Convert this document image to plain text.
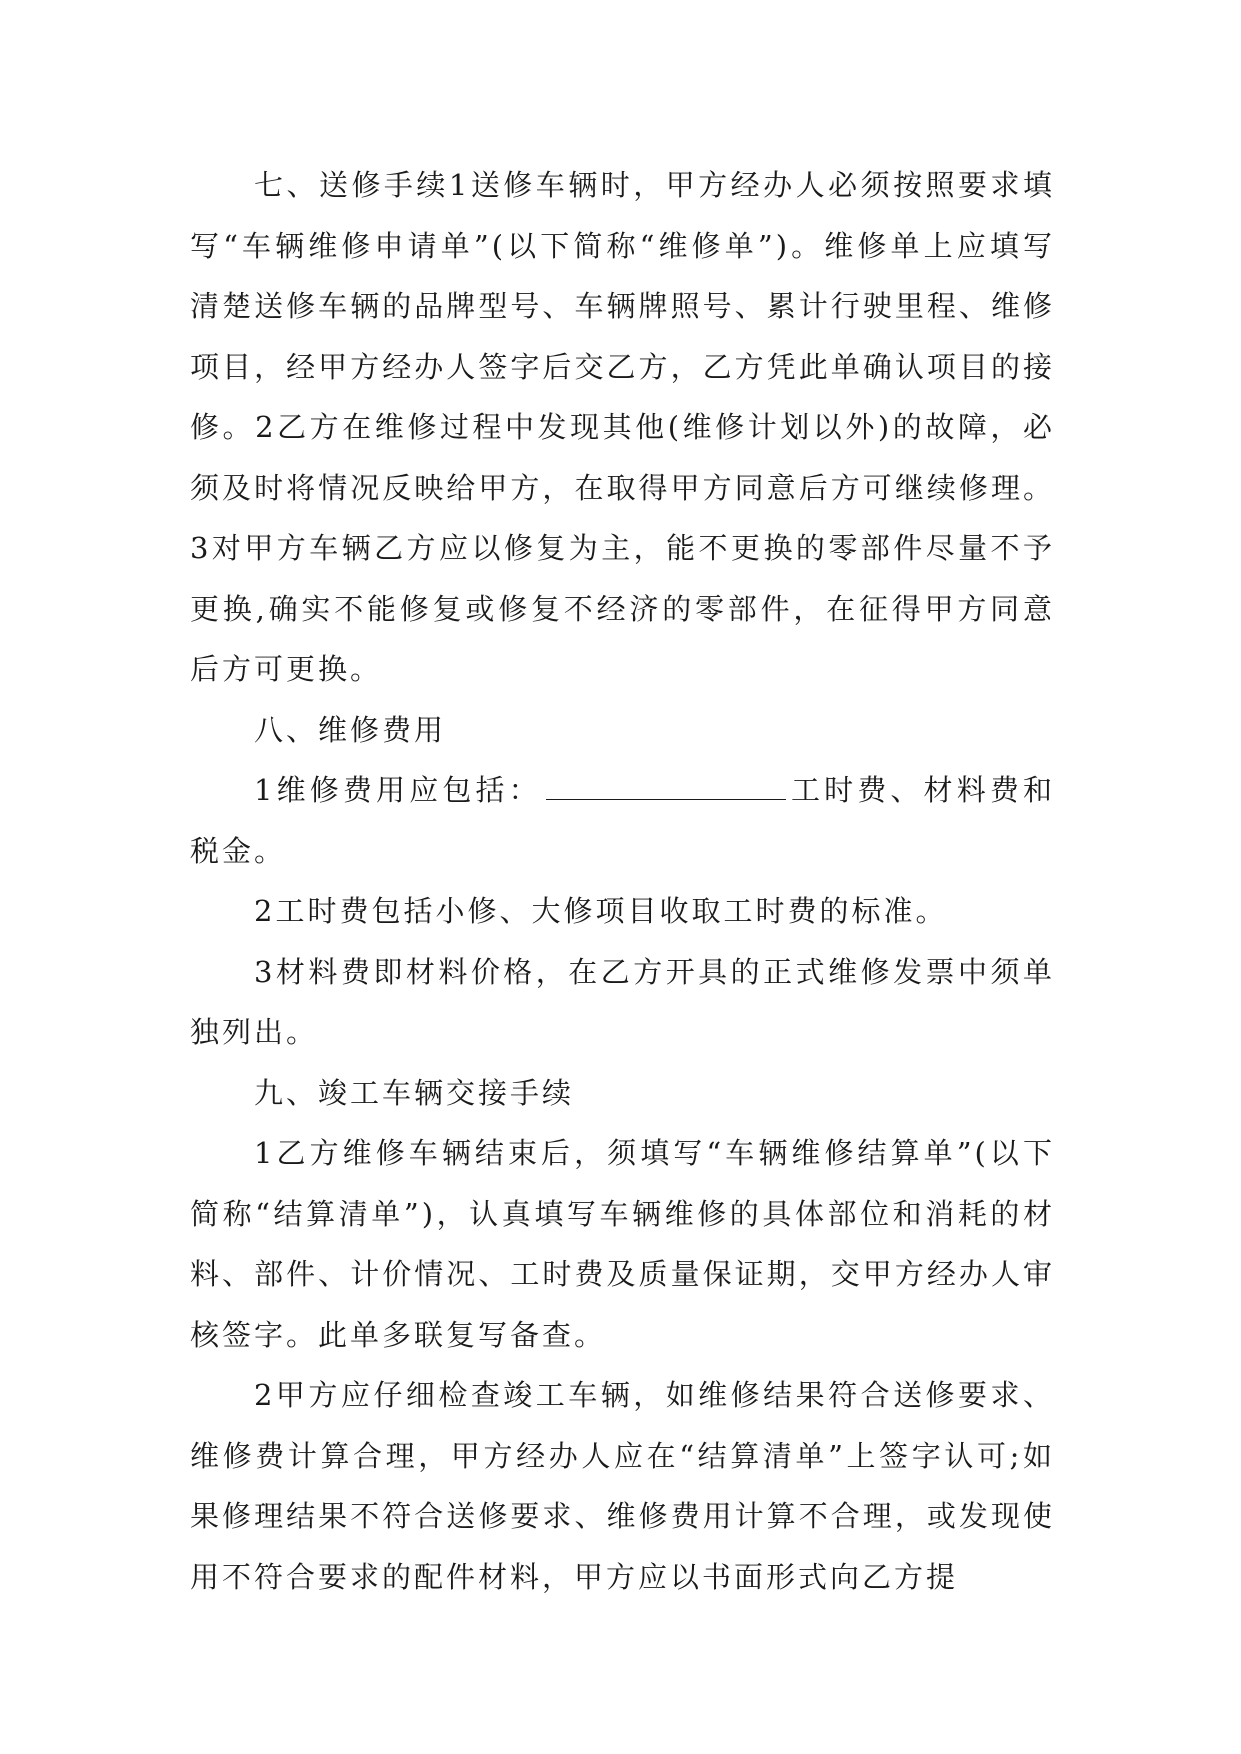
七、送修手续1送修车辆时，甲方经办人必须按照要求填写“车辆维修申请单”(以下简称“维修单”)。维修单上应填写清楚送修车辆的品牌型号、车辆牌照号、累计行驶里程、维修项目，经甲方经办人签字后交乙方，乙方凭此单确认项目的接修。2乙方在维修过程中发现其他(维修计划以外)的故障，必须及时将情况反映给甲方，在取得甲方同意后方可继续修理。3对甲方车辆乙方应以修复为主，能不更换的零部件尽量不予更换,确实不能修复或修复不经济的零部件，在征得甲方同意后方可更换。

八、维修费用

1维修费用应包括：	工时费、材料费和税金。

2工时费包括小修、大修项目收取工时费的标准。

3材料费即材料价格，在乙方开具的正式维修发票中须单独列出。

九、竣工车辆交接手续

1乙方维修车辆结束后，须填写“车辆维修结算单”(以下简称“结算清单”)，认真填写车辆维修的具体部位和消耗的材料、部件、计价情况、工时费及质量保证期，交甲方经办人审核签字。此单多联复写备查。

2甲方应仔细检查竣工车辆，如维修结果符合送修要求、维修费计算合理，甲方经办人应在“结算清单”上签字认可;如果修理结果不符合送修要求、维修费用计算不合理，或发现使用不符合要求的配件材料，甲方应以书面形式向乙方提
